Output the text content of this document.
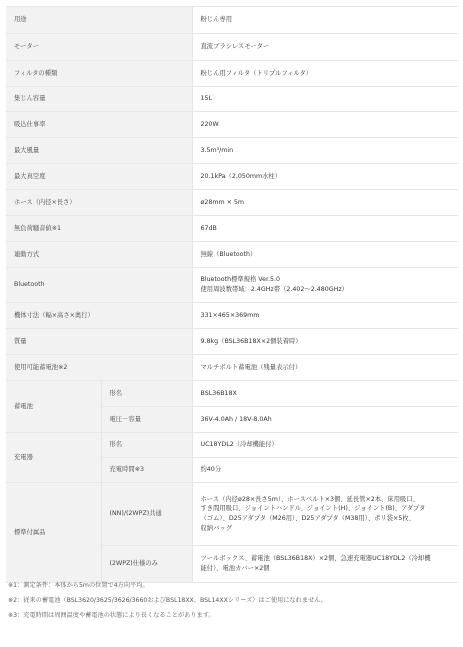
用途		粉じん専用
モーター		直流ブラシレスモーター
フィルタの種類		粉じん用フィルタ（トリプルフィルタ）
集じん容量		15L
吸込仕事率		220W
最大風量		3.5m³/min
最大真空度		20.1kPa（2,050mm水柱）
ホース（内径×長さ）		ø28mm × 5m
無負荷騒音値※1		67dB
連動方式		無線（Bluetooth）
Bluetooth		Bluetooth標準規格 Ver.5.0
使用周波数帯域：2.4GHz帯（2.402～2.480GHz）

機体寸法（幅×高さ×奥行）		331×465×369mm
質量		9.8kg（BSL36B18X×2個装着時）
使用可能蓄電池※2		マルチボルト蓄電池（残量表示付）
蓄電池	形名	BSL36B18X
	電圧－容量	36V-4.0Ah / 18V-8.0Ah
充電器	形名	UC18YDL2（冷却機能付）
	充電時間※3	約40分
標準付属品	(NN)/(2WPZ)共通	ホース（内径ø28×長さ5m）、ホースベルト×3個、延長管×2本、床用吸口、
すき間用吸口、ジョイントハンドル、ジョイント(H)、ジョイント(B)、アダプタ
（ゴム）、D25アダプタ（M26用）、D25アダプタ（M38用）、ポリ袋×5枚、
収納バッグ

	(2WPZ)仕様のみ	ツールボックス、蓄電池（BSL36B18X）×2個、急速充電器UC18YDL2（冷却機
能付）、電池カバー×2個
※1：測定条件：本体から5mの位置で4方向平均。
※2：従来の蓄電池（BSL3620/3625/3626/3660およびBSL18XX、BSL14XXシリーズ）はご使用になれません。
※3：充電時間は周囲温度や蓄電池の状態により長くなることがあります。
